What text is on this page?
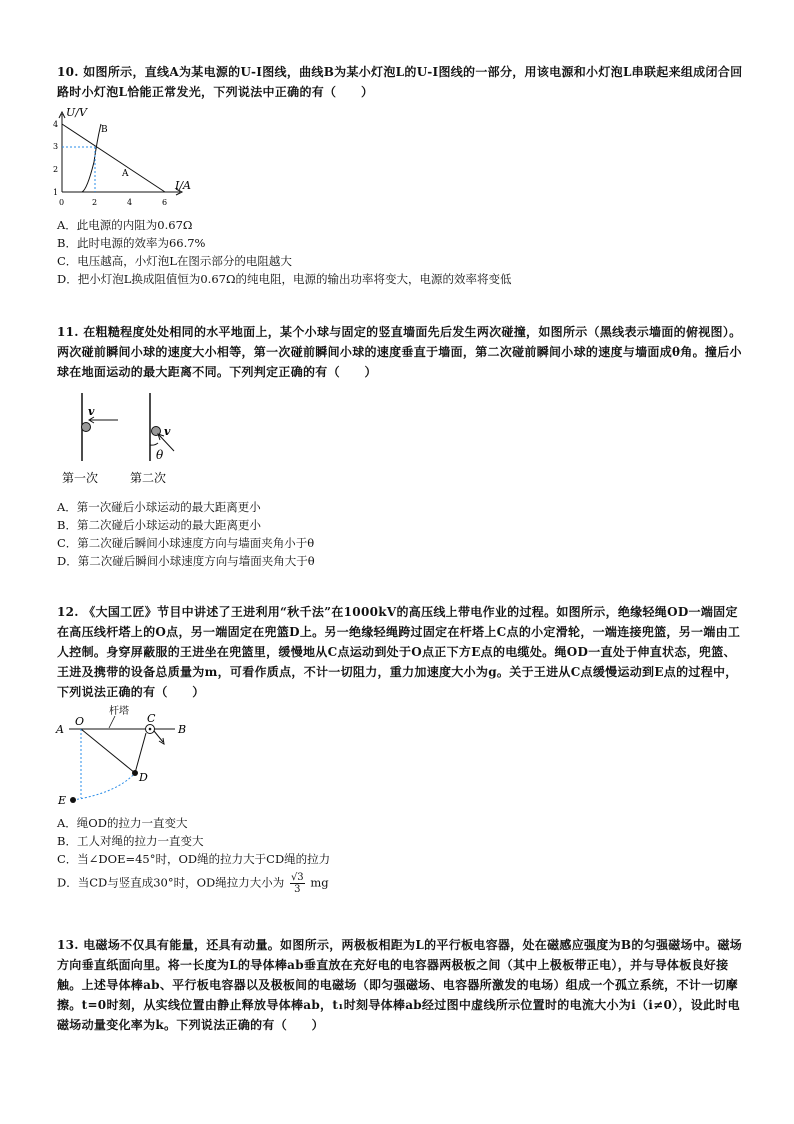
10. 如图所示，直线A为某电源的U-I图线，曲线B为某小灯泡L的U-I图线的一部分，用该电源和小灯泡L串联起来组成闭合回路时小灯泡L恰能正常发光，下列说法中正确的有（　　）

U/V
I/A
4
3
2
1
0	2	4	6
A
B

A．此电源的内阻为0.67Ω

B．此时电源的效率为66.7%

C．电压越高，小灯泡L在图示部分的电阻越大

D．把小灯泡L换成阻值恒为0.67Ω的纯电阻，电源的输出功率将变大，电源的效率将变低

11. 在粗糙程度处处相同的水平地面上，某个小球与固定的竖直墙面先后发生两次碰撞，如图所示（黑线表示墙面的俯视图）。两次碰前瞬间小球的速度大小相等，第一次碰前瞬间小球的速度垂直于墙面，第二次碰前瞬间小球的速度与墙面成θ角。撞后小球在地面运动的最大距离不同。下列判定正确的有（　　）

v
v
θ
第一次	第二次

A．第一次碰后小球运动的最大距离更小

B．第二次碰后小球运动的最大距离更小

C．第二次碰后瞬间小球速度方向与墙面夹角小于θ

D．第二次碰后瞬间小球速度方向与墙面夹角大于θ

12. 《大国工匠》节目中讲述了王进利用“秋千法”在1000kV的高压线上带电作业的过程。如图所示，绝缘轻绳OD一端固定在高压线杆塔上的O点，另一端固定在兜篮D上。另一绝缘轻绳跨过固定在杆塔上C点的小定滑轮，一端连接兜篮，另一端由工人控制。身穿屏蔽服的王进坐在兜篮里，缓慢地从C点运动到处于O点正下方E点的电缆处。绳OD一直处于伸直状态，兜篮、王进及携带的设备总质量为m，可看作质点，不计一切阻力，重力加速度大小为g。关于王进从C点缓慢运动到E点的过程中，下列说法正确的有（　　）

A
O
杆塔
C
B
D
E

A．绳OD的拉力一直变大

B．工人对绳的拉力一直变大

C．当∠DOE=45°时，OD绳的拉力大于CD绳的拉力

D．当CD与竖直成30°时，OD绳拉力大小为 $\frac{√3}{3}$ mg

13. 电磁场不仅具有能量，还具有动量。如图所示，两极板相距为L的平行板电容器，处在磁感应强度为B的匀强磁场中。磁场方向垂直纸面向里。将一长度为L的导体棒ab垂直放在充好电的电容器两极板之间（其中上极板带正电），并与导体板良好接触。上述导体棒ab、平行板电容器以及极板间的电磁场（即匀强磁场、电容器所激发的电场）组成一个孤立系统，不计一切摩擦。t=0时刻，从实线位置由静止释放导体棒ab，t₁时刻导体棒ab经过图中虚线所示位置时的电流大小为i（i≠0），设此时电磁场动量变化率为k。下列说法正确的有（　　）
